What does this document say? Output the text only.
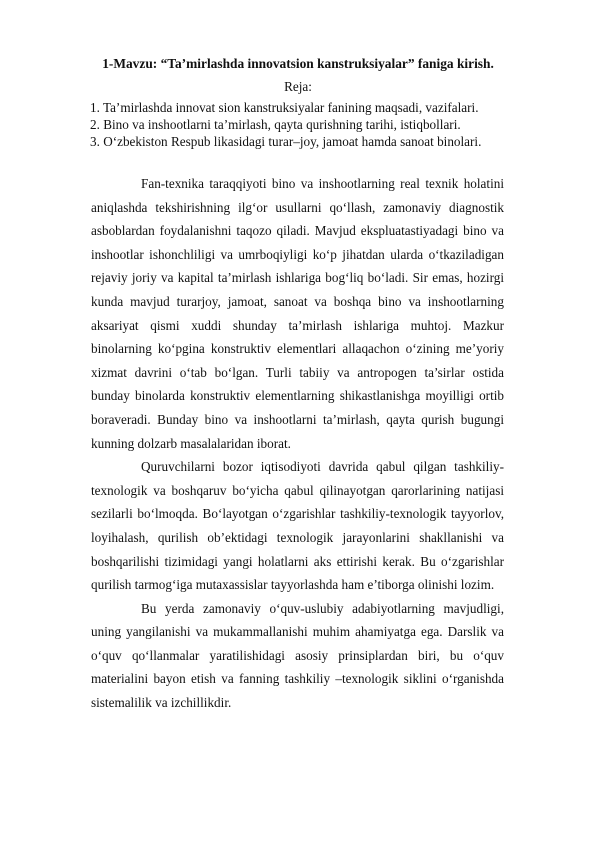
1-Mavzu: “Ta’mirlashda innovatsion kanstruksiyalar” faniga kirish.
Reja:
1. Ta’mirlashda innovat sion kanstruksiyalar fanining maqsadi, vazifalari.
2. Bino va inshootlarni ta’mirlash, qayta qurishning tarihi, istiqbollari.
3. O‘zbekiston Respub likasidagi turar–joy, jamoat hamda sanoat binolari.

Fan-texnika taraqqiyoti bino va inshootlarning real texnik holatini aniqlashda tekshirishning ilg‘or usullarni qo‘llash, zamonaviy diagnostik asboblardan foydalanishni taqozo qiladi. Mavjud ekspluatastiyadagi bino va inshootlar ishonchliligi va umrboqiyligi ko‘p jihatdan ularda o‘tkaziladigan rejaviy joriy va kapital ta’mirlash ishlariga bog‘liq bo‘ladi. Sir emas, hozirgi kunda mavjud turarjoy, jamoat, sanoat va boshqa bino va inshootlarning aksariyat qismi xuddi shunday ta’mirlash ishlariga muhtoj. Mazkur binolarning ko‘pgina konstruktiv elementlari allaqachon o‘zining me’yoriy xizmat davrini o‘tab bo‘lgan. Turli tabiiy va antropogen ta’sirlar ostida bunday binolarda konstruktiv elementlarning shikastlanishga moyilligi ortib boraveradi. Bunday bino va inshootlarni ta’mirlash, qayta qurish bugungi kunning dolzarb masalalaridan iborat.

Quruvchilarni bozor iqtisodiyoti davrida qabul qilgan tashkiliy-texnologik va boshqaruv bo‘yicha qabul qilinayotgan qarorlarining natijasi sezilarli bo‘lmoqda. Bo‘layotgan o‘zgarishlar tashkiliy-texnologik tayyorlov, loyihalash, qurilish ob’ektidagi texnologik jarayonlarini shakllanishi va boshqarilishi tizimidagi yangi holatlarni aks ettirishi kerak. Bu o‘zgarishlar qurilish tarmog‘iga mutaxassislar tayyorlashda ham e’tiborga olinishi lozim.

Bu yerda zamonaviy o‘quv-uslubiy adabiyotlarning mavjudligi, uning yangilanishi va mukammallanishi muhim ahamiyatga ega. Darslik va o‘quv qo‘llanmalar yaratilishidagi asosiy prinsiplardan biri, bu o‘quv materialini bayon etish va fanning tashkiliy –texnologik siklini o‘rganishda sistemalilik va izchillikdir.
